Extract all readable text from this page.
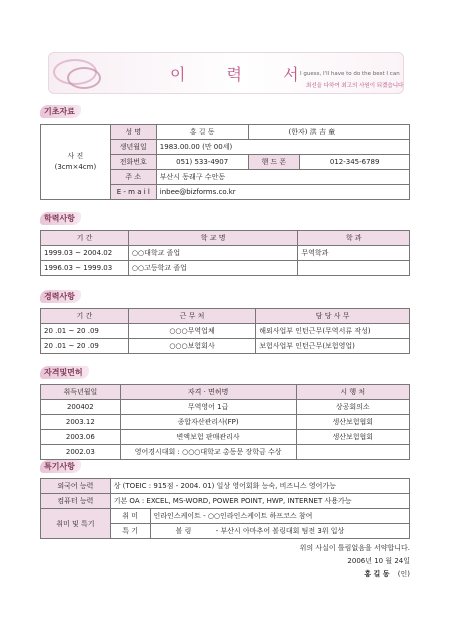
이 력 서
I guess, I'll have to do the best I can
최선을 다하여 최고의 사원이 되겠습니다
기초자료
사 진
(3cm×4cm)	성 명	홍 길 동	(한자) 洪 吉 童	
	생년월일	1983.00.00 (만 00세)		
	전화번호	051) 533-4907	핸 드 폰	012-345-6789
	주 소	부산시 동래구 수안동		
	E - m a i l	inbee@bizforms.co.kr		
학력사항
기 간	학 교 명	학 과
1999.03 ~ 2004.02	○○대학교 졸업	무역학과
1996.03 ~ 1999.03	○○고등학교 졸업	
경력사항
기 간	근 무 처	담 당 사 무
20 .01 ~ 20 .09	○○○무역업체	해외사업부 인턴근무(무역서류 작성)
20 .01 ~ 20 .09	○○○보험회사	보험사업부 인턴근무(보험영업)
자격및면허
취득년월일	자격 · 면허명	시 행 처
200402	무역영어 1급	상공회의소
2003.12	종합자산관리사(FP)	생산보험협회
2003.06	변액보험 판매관리사	생산보험협회
2002.03	영어경시대회 : ○○○대학교 총동문 장학금 수상	
특기사항
외국어 능력	상 (TOEIC : 915점 - 2004. 01) 일상 영어회화 능숙, 비즈니스 영어가능	
컴퓨터 능력	기본 OA : EXCEL, MS-WORD, POWER POINT, HWP, INTERNET 사용가능	
취미 및 특기	취 미	인라인스케이트 - ○○인라인스케이트 하프코스 참여
	특 기	볼 링 - 부산시 아마추어 볼링대회 팀전 3위 입상
위의 사실이 틀림없음을 서약합니다.
2006년 10 월 24일
홍 길 동 (인)
